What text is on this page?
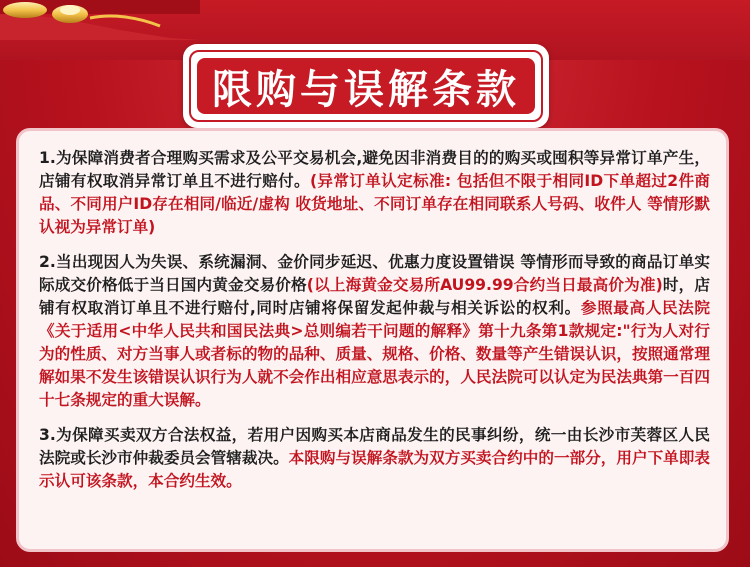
限购与误解条款

1.为保障消费者合理购买需求及公平交易机会,避免因非消费目的的购买或囤积等异常订单产生，店铺有权取消异常订单且不进行赔付。(异常订单认定标准: 包括但不限于相同ID下单超过2件商品、不同用户ID存在相同/临近/虚构 收货地址、不同订单存在相同联系人号码、收件人 等情形默认视为异常订单)

2.当出现因人为失误、系统漏洞、金价同步延迟、优惠力度设置错误 等情形而导致的商品订单实际成交价格低于当日国内黄金交易价格(以上海黄金交易所AU99.99合约当日最高价为准)时，店铺有权取消订单且不进行赔付,同时店铺将保留发起仲裁与相关诉讼的权利。参照最高人民法院《关于适用<中华人民共和国民法典>总则编若干问题的解释》第十九条第1款规定:"行为人对行为的性质、对方当事人或者标的物的品种、质量、规格、价格、数量等产生错误认识，按照通常理解如果不发生该错误认识行为人就不会作出相应意思表示的，人民法院可以认定为民法典第一百四十七条规定的重大误解。

3.为保障买卖双方合法权益，若用户因购买本店商品发生的民事纠纷，统一由长沙市芙蓉区人民法院或长沙市仲裁委员会管辖裁决。本限购与误解条款为双方买卖合约中的一部分，用户下单即表示认可该条款，本合约生效。
